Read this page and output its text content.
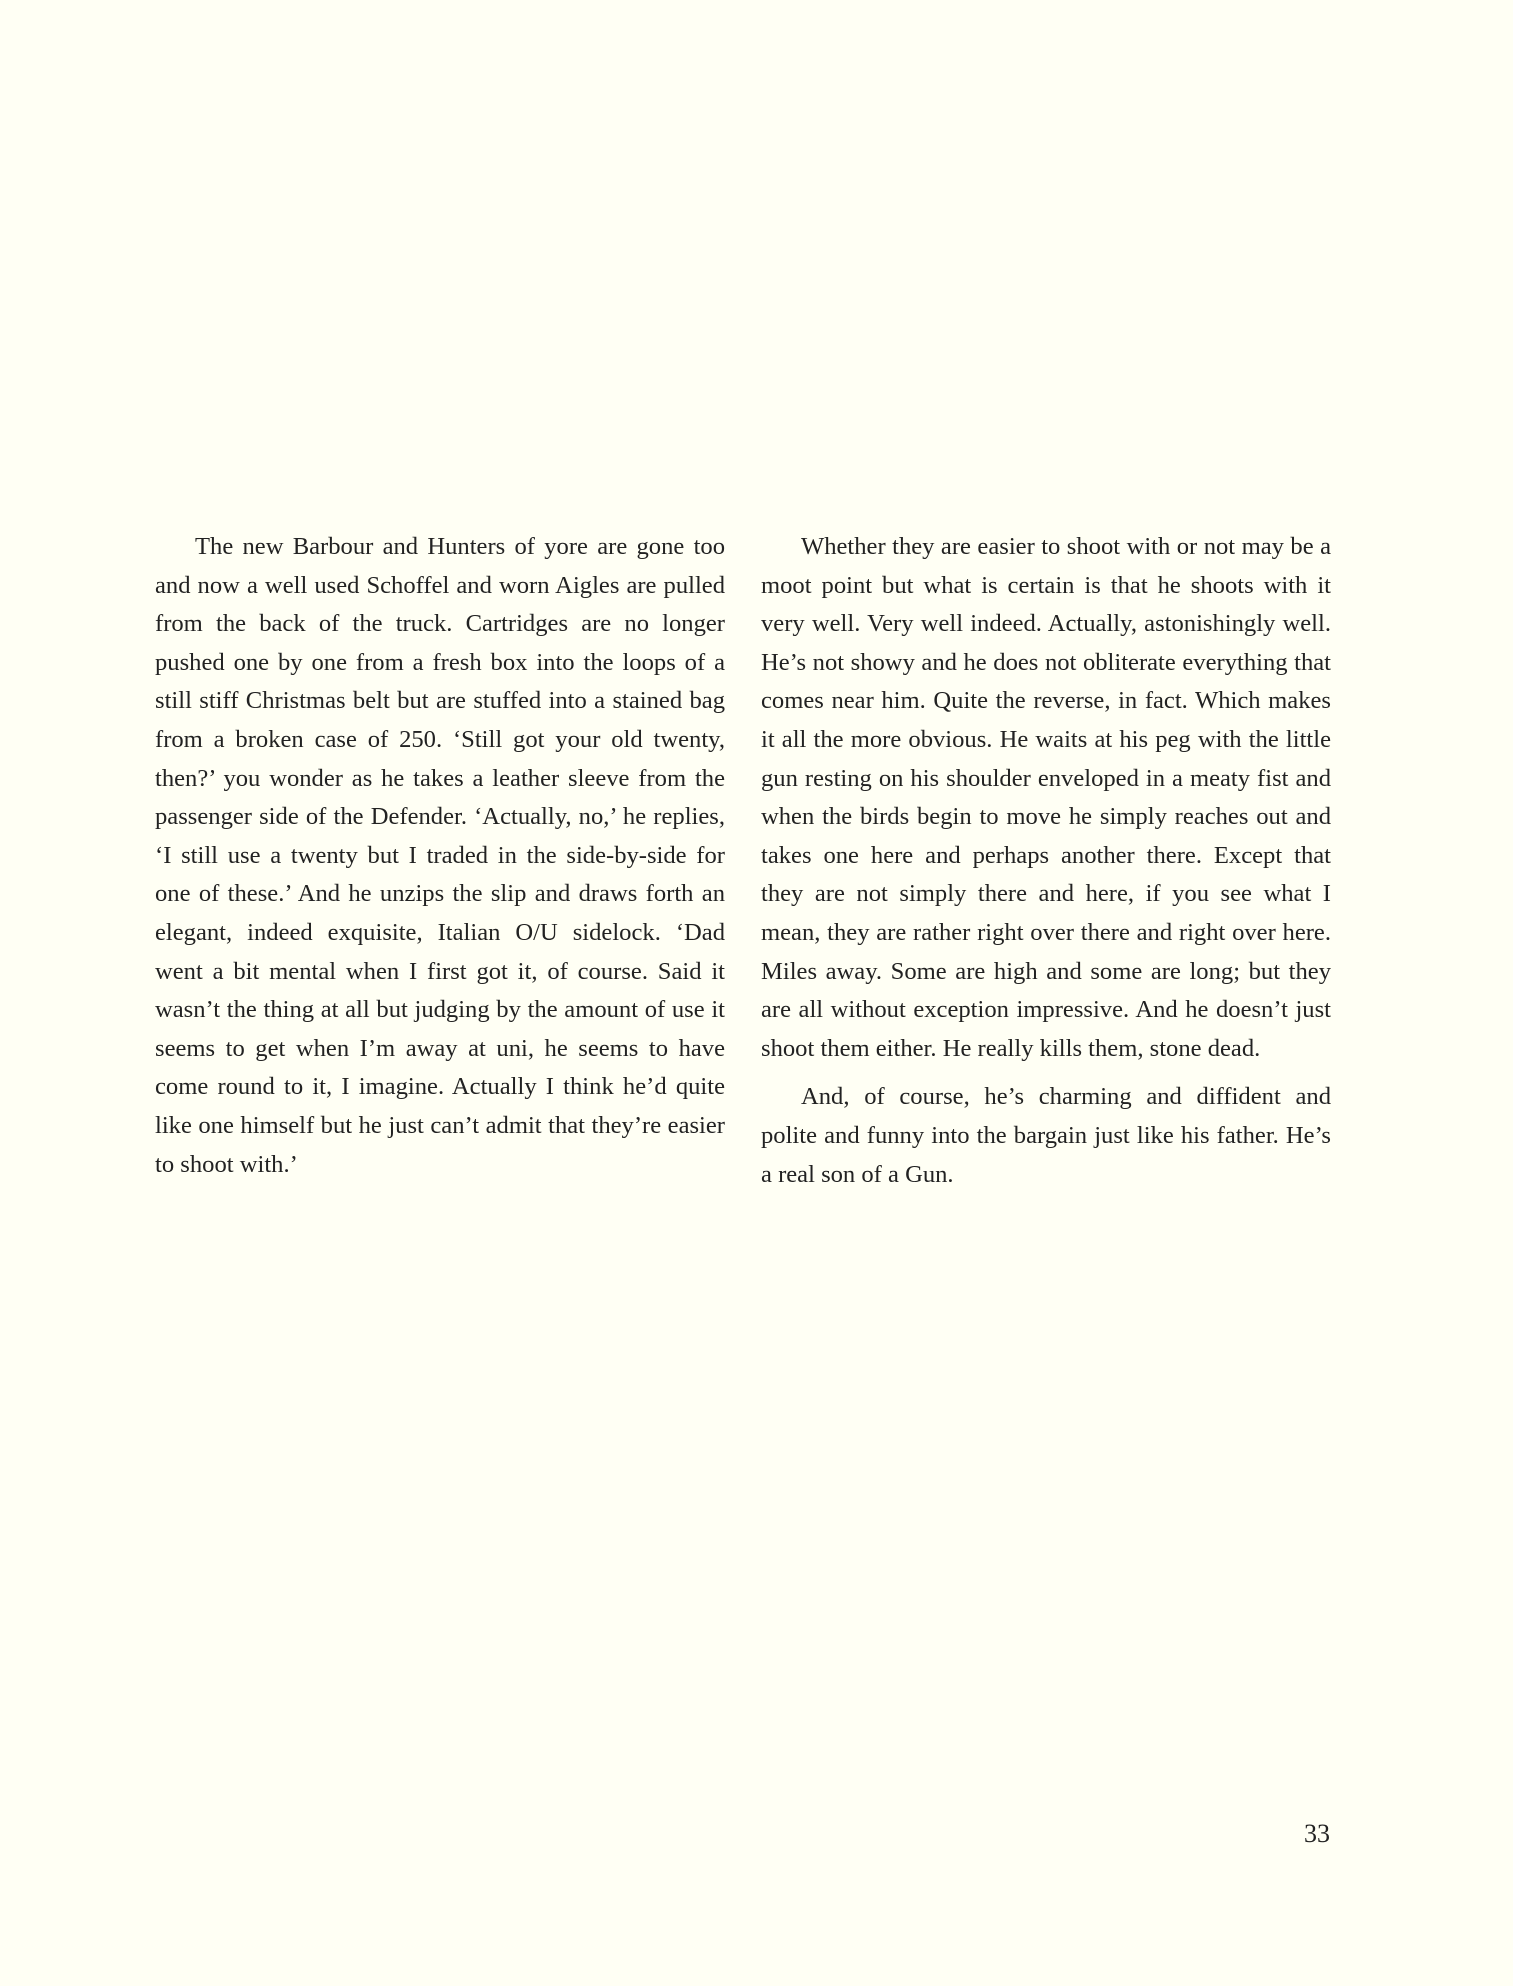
The new Barbour and Hunters of yore are gone too and now a well used Schoffel and worn Aigles are pulled from the back of the truck. Cartridges are no longer pushed one by one from a fresh box into the loops of a still stiff Christmas belt but are stuffed into a stained bag from a broken case of 250. ‘Still got your old twenty, then?’ you wonder as he takes a leather sleeve from the passenger side of the Defender. ‘Actually, no,’ he replies, ‘I still use a twenty but I traded in the side-by-side for one of these.’ And he unzips the slip and draws forth an elegant, indeed exquisite, Italian O/U sidelock. ‘Dad went a bit mental when I first got it, of course. Said it wasn’t the thing at all but judging by the amount of use it seems to get when I’m away at uni, he seems to have come round to it, I imagine. Actually I think he’d quite like one himself but he just can’t admit that they’re easier to shoot with.’

Whether they are easier to shoot with or not may be a moot point but what is certain is that he shoots with it very well. Very well indeed. Actually, astonishingly well. He’s not showy and he does not obliterate everything that comes near him. Quite the reverse, in fact. Which makes it all the more obvious. He waits at his peg with the little gun resting on his shoulder enveloped in a meaty fist and when the birds begin to move he simply reaches out and takes one here and perhaps another there. Except that they are not simply there and here, if you see what I mean, they are rather right over there and right over here. Miles away. Some are high and some are long; but they are all without exception impressive. And he doesn’t just shoot them either. He really kills them, stone dead.

And, of course, he’s charming and diffident and polite and funny into the bargain just like his father. He’s a real son of a Gun.

33
